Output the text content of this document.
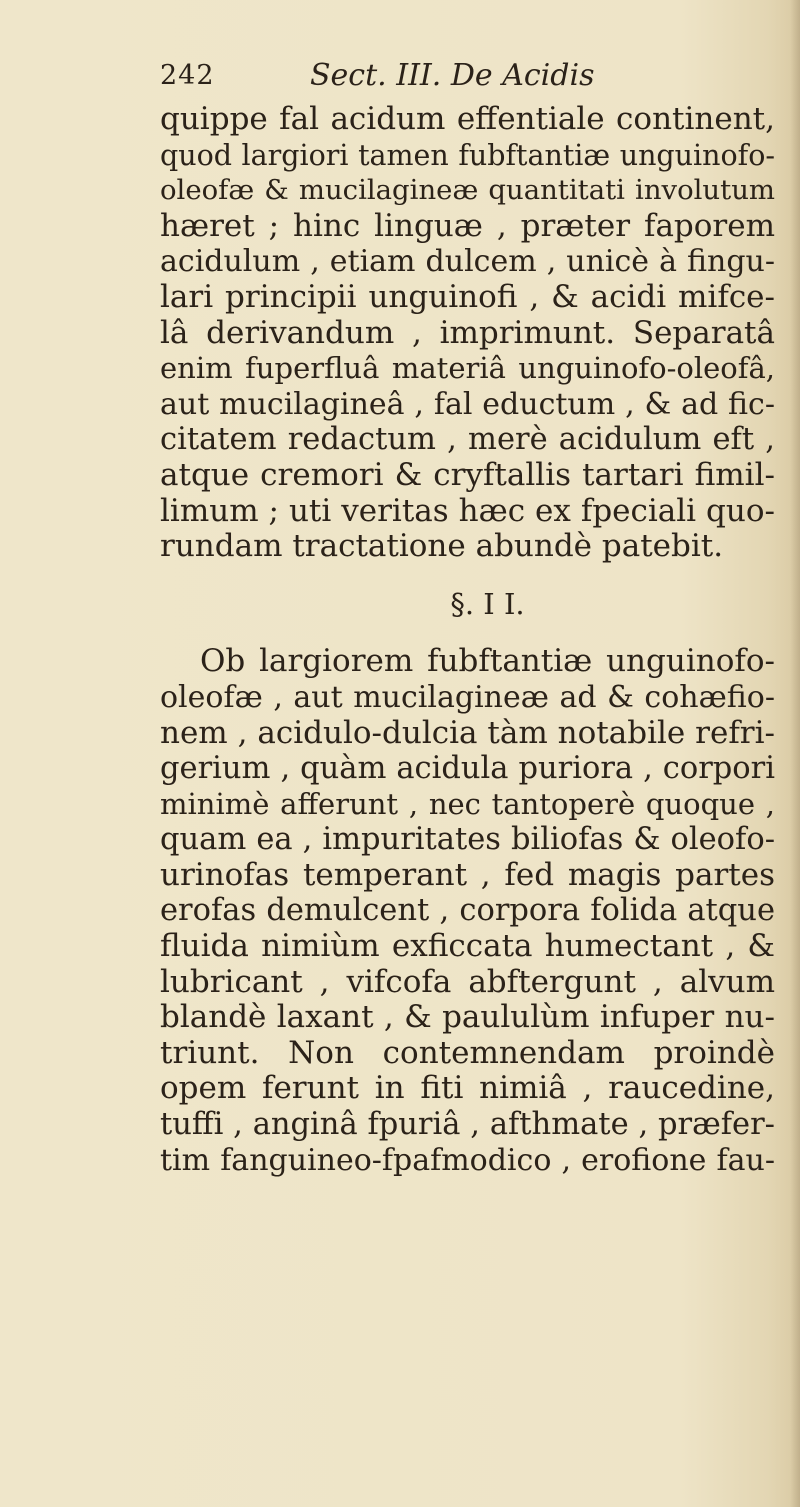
242	Sect. III. De Acidis
quippe fal acidum effentiale continent,
quod largiori tamen fubftantiæ unguinofo-
oleofæ & mucilagineæ quantitati involutum
hæret ; hinc linguæ , præter faporem
acidulum , etiam dulcem , unicè à fingu-
lari principii unguinofi , & acidi mifce-
lâ derivandum , imprimunt. Separatâ
enim fuperfluâ materiâ unguinofo-oleofâ,
aut mucilagineâ , fal eductum , & ad fic-
citatem redactum , merè acidulum eft ,
atque cremori & cryftallis tartari fimil-
limum ; uti veritas hæc ex fpeciali quo-
rundam tractatione abundè patebit.
§. I I.
Ob largiorem fubftantiæ unguinofo-
oleofæ , aut mucilagineæ ad & cohæfio-
nem , acidulo-dulcia tàm notabile refri-
gerium , quàm acidula puriora , corpori
minimè afferunt , nec tantoperè quoque ,
quam ea , impuritates biliofas & oleofo-
urinofas temperant , fed magis partes
erofas demulcent , corpora folida atque
fluida nimiùm exficcata humectant , &
lubricant , vifcofa abftergunt , alvum
blandè laxant , & paululùm infuper nu-
triunt. Non contemnendam proindè
opem ferunt in fiti nimiâ , raucedine,
tuffi , anginâ fpuriâ , afthmate , præfer-
tim fanguineo-fpafmodico , erofione fau-
